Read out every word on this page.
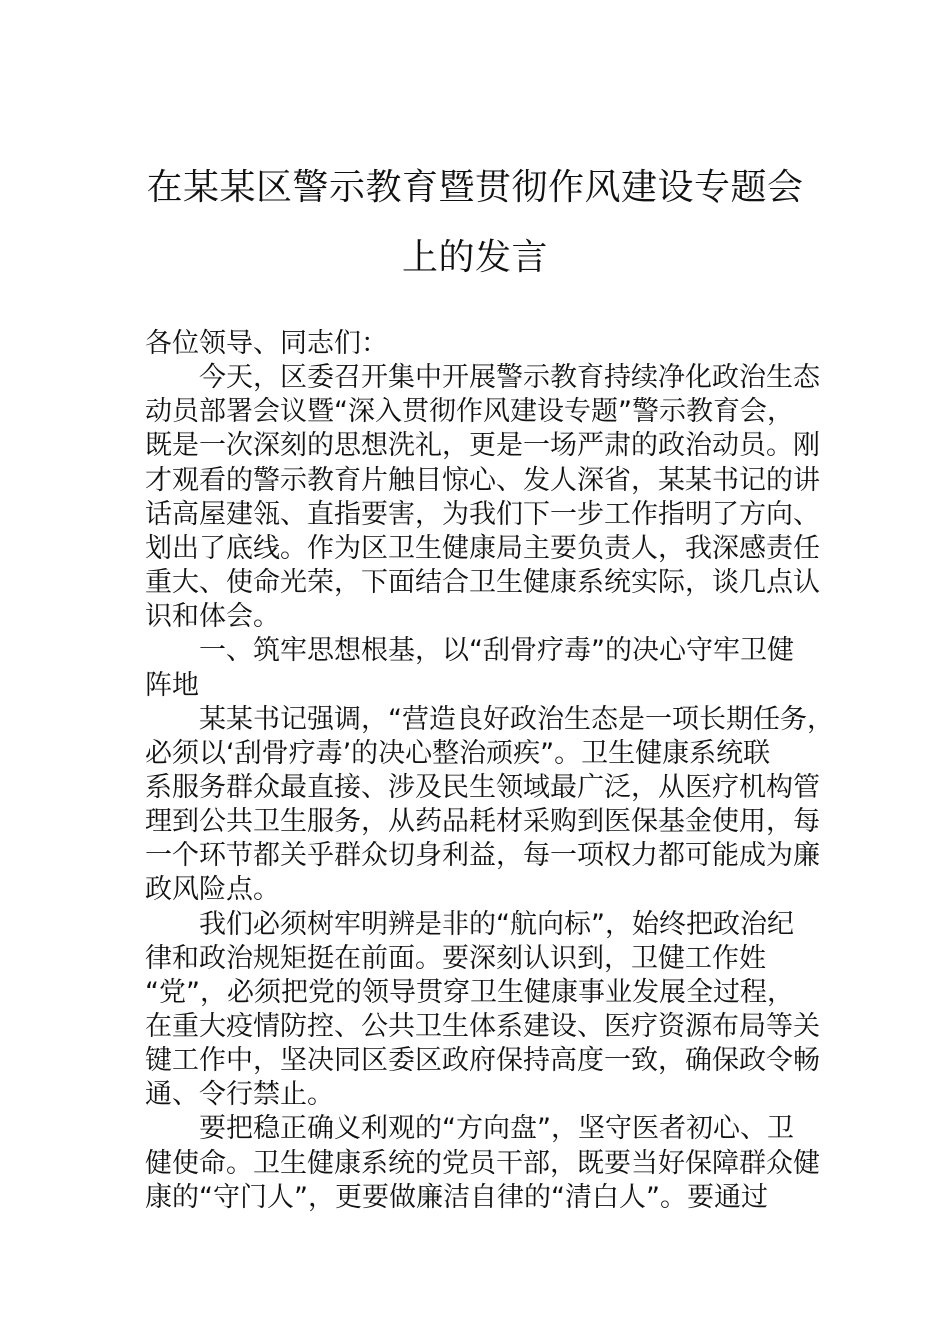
在某某区警示教育暨贯彻作风建设专题会
上的发言
各位领导、同志们：
　　今天，区委召开集中开展警示教育持续净化政治生态
动员部署会议暨“深入贯彻作风建设专题”警示教育会，
既是一次深刻的思想洗礼，更是一场严肃的政治动员。刚
才观看的警示教育片触目惊心、发人深省，某某书记的讲
话高屋建瓴、直指要害，为我们下一步工作指明了方向、
划出了底线。作为区卫生健康局主要负责人，我深感责任
重大、使命光荣，下面结合卫生健康系统实际，谈几点认
识和体会。
　　一、筑牢思想根基，以“刮骨疗毒”的决心守牢卫健
阵地
　　某某书记强调，“营造良好政治生态是一项长期任务，
必须以‘刮骨疗毒’的决心整治顽疾”。卫生健康系统联
系服务群众最直接、涉及民生领域最广泛，从医疗机构管
理到公共卫生服务，从药品耗材采购到医保基金使用，每
一个环节都关乎群众切身利益，每一项权力都可能成为廉
政风险点。
　　我们必须树牢明辨是非的“航向标”，始终把政治纪
律和政治规矩挺在前面。要深刻认识到，卫健工作姓
“党”，必须把党的领导贯穿卫生健康事业发展全过程，
在重大疫情防控、公共卫生体系建设、医疗资源布局等关
键工作中，坚决同区委区政府保持高度一致，确保政令畅
通、令行禁止。
　　要把稳正确义利观的“方向盘”，坚守医者初心、卫
健使命。卫生健康系统的党员干部，既要当好保障群众健
康的“守门人”，更要做廉洁自律的“清白人”。要通过
